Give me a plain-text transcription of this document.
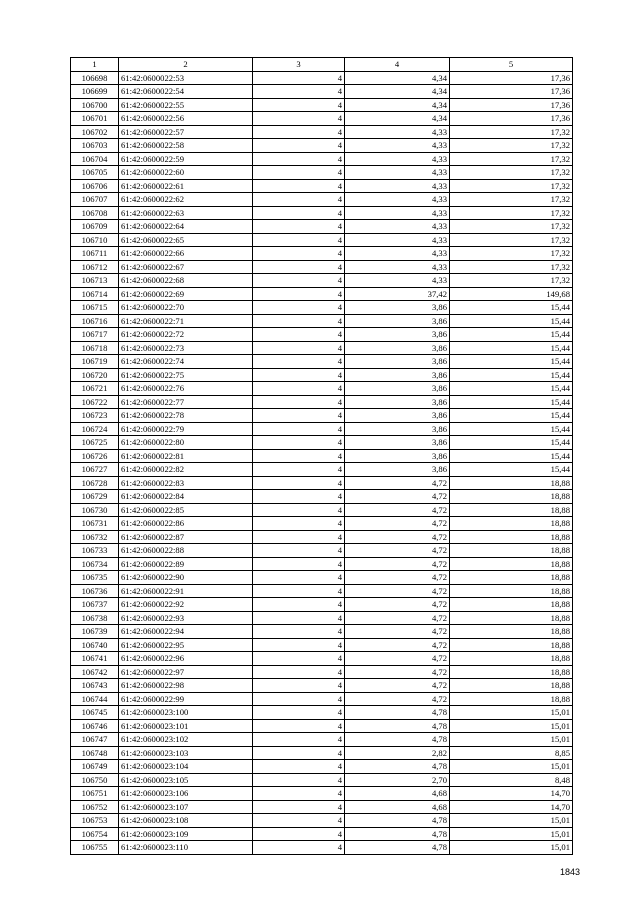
1	2	3	4	5
106698	61:42:0600022:53	4	4,34	17,36
106699	61:42:0600022:54	4	4,34	17,36
106700	61:42:0600022:55	4	4,34	17,36
106701	61:42:0600022:56	4	4,34	17,36
106702	61:42:0600022:57	4	4,33	17,32
106703	61:42:0600022:58	4	4,33	17,32
106704	61:42:0600022:59	4	4,33	17,32
106705	61:42:0600022:60	4	4,33	17,32
106706	61:42:0600022:61	4	4,33	17,32
106707	61:42:0600022:62	4	4,33	17,32
106708	61:42:0600022:63	4	4,33	17,32
106709	61:42:0600022:64	4	4,33	17,32
106710	61:42:0600022:65	4	4,33	17,32
106711	61:42:0600022:66	4	4,33	17,32
106712	61:42:0600022:67	4	4,33	17,32
106713	61:42:0600022:68	4	4,33	17,32
106714	61:42:0600022:69	4	37,42	149,68
106715	61:42:0600022:70	4	3,86	15,44
106716	61:42:0600022:71	4	3,86	15,44
106717	61:42:0600022:72	4	3,86	15,44
106718	61:42:0600022:73	4	3,86	15,44
106719	61:42:0600022:74	4	3,86	15,44
106720	61:42:0600022:75	4	3,86	15,44
106721	61:42:0600022:76	4	3,86	15,44
106722	61:42:0600022:77	4	3,86	15,44
106723	61:42:0600022:78	4	3,86	15,44
106724	61:42:0600022:79	4	3,86	15,44
106725	61:42:0600022:80	4	3,86	15,44
106726	61:42:0600022:81	4	3,86	15,44
106727	61:42:0600022:82	4	3,86	15,44
106728	61:42:0600022:83	4	4,72	18,88
106729	61:42:0600022:84	4	4,72	18,88
106730	61:42:0600022:85	4	4,72	18,88
106731	61:42:0600022:86	4	4,72	18,88
106732	61:42:0600022:87	4	4,72	18,88
106733	61:42:0600022:88	4	4,72	18,88
106734	61:42:0600022:89	4	4,72	18,88
106735	61:42:0600022:90	4	4,72	18,88
106736	61:42:0600022:91	4	4,72	18,88
106737	61:42:0600022:92	4	4,72	18,88
106738	61:42:0600022:93	4	4,72	18,88
106739	61:42:0600022:94	4	4,72	18,88
106740	61:42:0600022:95	4	4,72	18,88
106741	61:42:0600022:96	4	4,72	18,88
106742	61:42:0600022:97	4	4,72	18,88
106743	61:42:0600022:98	4	4,72	18,88
106744	61:42:0600022:99	4	4,72	18,88
106745	61:42:0600023:100	4	4,78	15,01
106746	61:42:0600023:101	4	4,78	15,01
106747	61:42:0600023:102	4	4,78	15,01
106748	61:42:0600023:103	4	2,82	8,85
106749	61:42:0600023:104	4	4,78	15,01
106750	61:42:0600023:105	4	2,70	8,48
106751	61:42:0600023:106	4	4,68	14,70
106752	61:42:0600023:107	4	4,68	14,70
106753	61:42:0600023:108	4	4,78	15,01
106754	61:42:0600023:109	4	4,78	15,01
106755	61:42:0600023:110	4	4,78	15,01
1843
